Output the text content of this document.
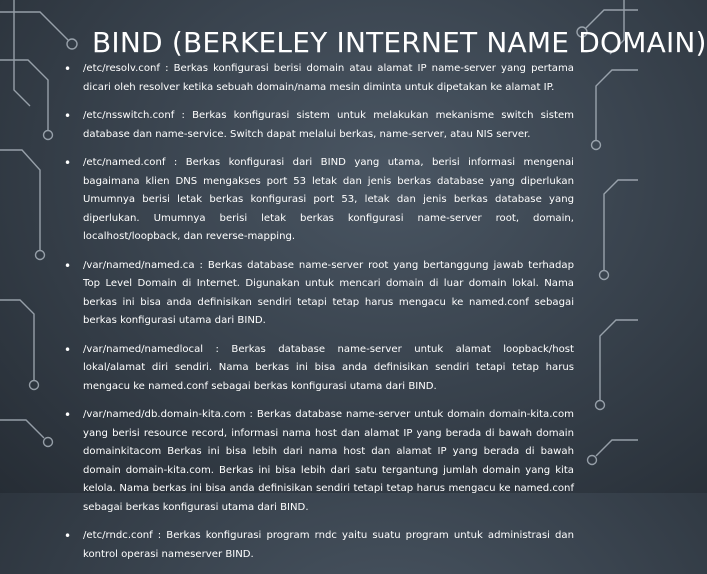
BIND (BERKELEY INTERNET NAME DOMAIN)
• /etc/resolv.conf : Berkas konfigurasi berisi domain atau alamat IP name-server yang pertama dicari oleh resolver ketika sebuah domain/nama mesin diminta untuk dipetakan ke alamat IP.
• /etc/nsswitch.conf : Berkas konfigurasi sistem untuk melakukan mekanisme switch sistem database dan name-service. Switch dapat melalui berkas, name-server, atau NIS server.
• /etc/named.conf : Berkas konfigurasi dari BIND yang utama, berisi informasi mengenai bagaimana klien DNS mengakses port 53 letak dan jenis berkas database yang diperlukan Umumnya berisi letak berkas konfigurasi port 53, letak dan jenis berkas database yang diperlukan. Umumnya berisi letak berkas konfigurasi name-server root, domain, localhost/loopback, dan reverse-mapping.
• /var/named/named.ca : Berkas database name-server root yang bertanggung jawab terhadap Top Level Domain di Internet. Digunakan untuk mencari domain di luar domain lokal. Nama berkas ini bisa anda definisikan sendiri tetapi tetap harus mengacu ke named.conf sebagai berkas konfigurasi utama dari BIND.
• /var/named/namedlocal : Berkas database name-server untuk alamat loopback/host lokal/alamat diri sendiri. Nama berkas ini bisa anda definisikan sendiri tetapi tetap harus mengacu ke named.conf sebagai berkas konfigurasi utama dari BIND.
• /var/named/db.domain-kita.com : Berkas database name-server untuk domain domain-kita.com yang berisi resource record, informasi nama host dan alamat IP yang berada di bawah domain domainkitacom Berkas ini bisa lebih dari nama host dan alamat IP yang berada di bawah domain domain-kita.com. Berkas ini bisa lebih dari satu tergantung jumlah domain yang kita kelola. Nama berkas ini bisa anda definisikan sendiri tetapi tetap harus mengacu ke named.conf sebagai berkas konfigurasi utama dari BIND.
• /etc/rndc.conf : Berkas konfigurasi program rndc yaitu suatu program untuk administrasi dan kontrol operasi nameserver BIND.
